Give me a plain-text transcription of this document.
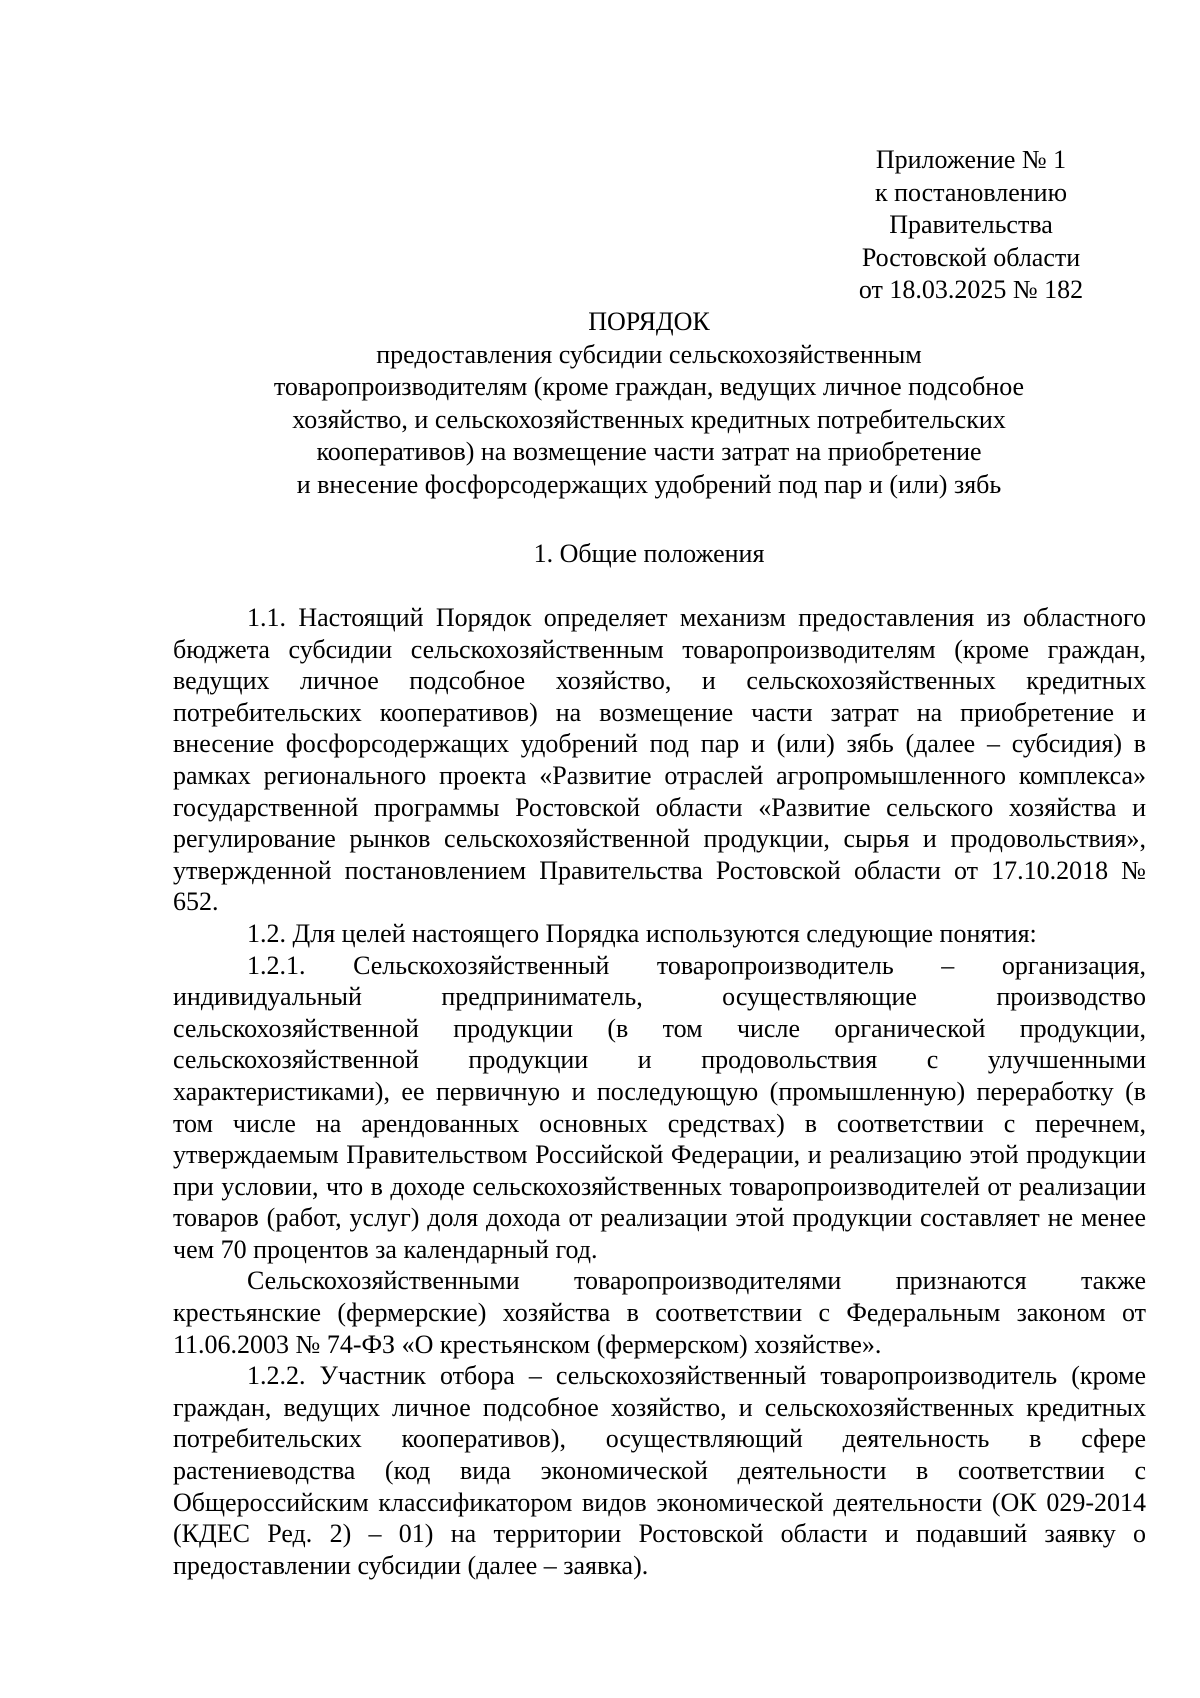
Приложение № 1
к постановлению
Правительства
Ростовской области
от 18.03.2025 № 182
ПОРЯДОК
предоставления субсидии сельскохозяйственным
товаропроизводителям (кроме граждан, ведущих личное подсобное
хозяйство, и сельскохозяйственных кредитных потребительских
кооперативов) на возмещение части затрат на приобретение
и внесение фосфорсодержащих удобрений под пар и (или) зябь
1. Общие положения

1.1. Настоящий Порядок определяет механизм предоставления из областного бюджета субсидии сельскохозяйственным товаропроизводителям (кроме граждан, ведущих личное подсобное хозяйство, и сельскохозяйственных кредитных потребительских кооперативов) на возмещение части затрат на приобретение и внесение фосфорсодержащих удобрений под пар и (или) зябь (далее – субсидия) в рамках регионального проекта «Развитие отраслей агропромышленного комплекса» государственной программы Ростовской области «Развитие сельского хозяйства и регулирование рынков сельскохозяйственной продукции, сырья и продовольствия», утвержденной постановлением Правительства Ростовской области от 17.10.2018 № 652.

1.2. Для целей настоящего Порядка используются следующие понятия:

1.2.1. Сельскохозяйственный товаропроизводитель – организация, индивидуальный предприниматель, осуществляющие производство сельскохозяйственной продукции (в том числе органической продукции, сельскохозяйственной продукции и продовольствия с улучшенными характеристиками), ее первичную и последующую (промышленную) переработку (в том числе на арендованных основных средствах) в соответствии с перечнем, утверждаемым Правительством Российской Федерации, и реализацию этой продукции при условии, что в доходе сельскохозяйственных товаропроизводителей от реализации товаров (работ, услуг) доля дохода от реализации этой продукции составляет не менее чем 70 процентов за календарный год.

Сельскохозяйственными товаропроизводителями признаются также крестьянские (фермерские) хозяйства в соответствии с Федеральным законом от 11.06.2003 № 74-ФЗ «О крестьянском (фермерском) хозяйстве».

1.2.2. Участник отбора – сельскохозяйственный товаропроизводитель (кроме граждан, ведущих личное подсобное хозяйство, и сельскохозяйственных кредитных потребительских кооперативов), осуществляющий деятельность в сфере растениеводства (код вида экономической деятельности в соответствии с Общероссийским классификатором видов экономической деятельности (ОК 029-2014 (КДЕС Ред. 2) – 01) на территории Ростовской области и подавший заявку о предоставлении субсидии (далее – заявка).
